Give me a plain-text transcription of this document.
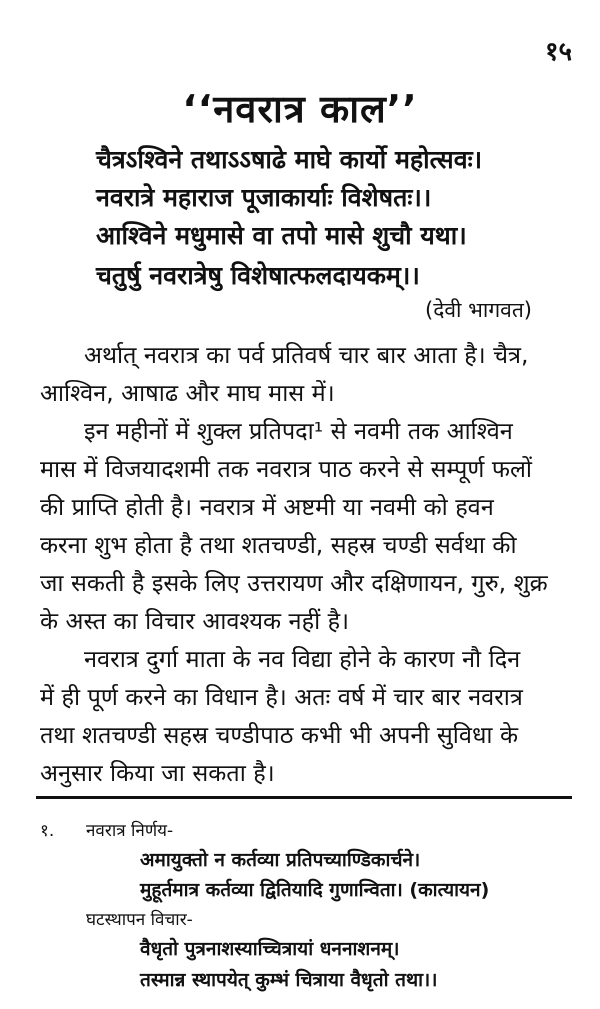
१५
‘‘नवरात्र काल’’
चैत्रऽश्विने तथाऽऽषाढे माघे कार्यो महोत्सवः।
नवरात्रे महाराज पूजाकार्याः विशेषतः।।
आश्विने मधुमासे वा तपो मासे शुचौ यथा।
चतुर्षु नवरात्रेषु विशेषात्फलदायकम्।।
(देवी भागवत)
अर्थात् नवरात्र का पर्व प्रतिवर्ष चार बार आता है। चैत्र,
आश्विन, आषाढ और माघ मास में।
इन महीनों में शुक्ल प्रतिपदा¹ से नवमी तक आश्विन
मास में विजयादशमी तक नवरात्र पाठ करने से सम्पूर्ण फलों
की प्राप्ति होती है। नवरात्र में अष्टमी या नवमी को हवन
करना शुभ होता है तथा शतचण्डी, सहस्र चण्डी सर्वथा की
जा सकती है इसके लिए उत्तरायण और दक्षिणायन, गुरु, शुक्र
के अस्त का विचार आवश्यक नहीं है।
नवरात्र दुर्गा माता के नव विद्या होने के कारण नौ दिन
में ही पूर्ण करने का विधान है। अतः वर्ष में चार बार नवरात्र
तथा शतचण्डी सहस्र चण्डीपाठ कभी भी अपनी सुविधा के
अनुसार किया जा सकता है।
१. नवरात्र निर्णय-
अमायुक्तो न कर्तव्या प्रतिपच्याण्डिकार्चने।
मुहूर्तमात्र कर्तव्या द्वितियादि गुणान्विता। (कात्यायन)
घटस्थापन विचार-
वैधृतो पुत्रनाशस्याच्चित्रायां धननाशनम्।
तस्मान्न स्थापयेत् कुम्भं चित्राया वैधृतो तथा।।
